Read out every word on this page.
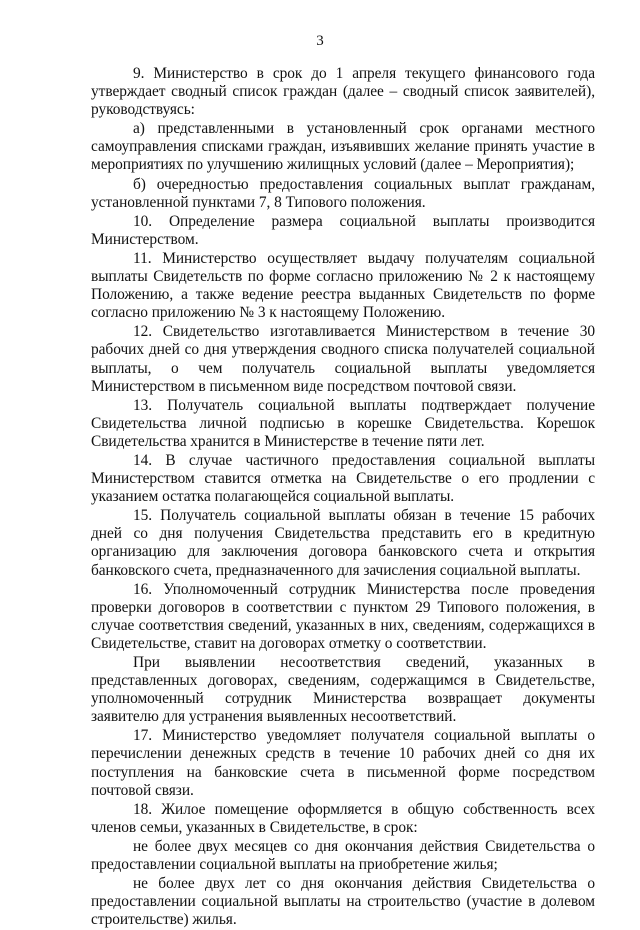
3

9. Министерство в срок до 1 апреля текущего финансового года утверждает сводный список граждан (далее – сводный список заявителей), руководствуясь:

а) представленными в установленный срок органами местного самоуправления списками граждан, изъявивших желание принять участие в мероприятиях по улучшению жилищных условий (далее – Мероприятия);

б) очередностью предоставления социальных выплат гражданам, установленной пунктами 7, 8 Типового положения.

10. Определение размера социальной выплаты производится Министерством.

11. Министерство осуществляет выдачу получателям социальной выплаты Свидетельств по форме согласно приложению № 2 к настоящему Положению, а также ведение реестра выданных Свидетельств по форме согласно приложению № 3 к настоящему Положению.

12. Свидетельство изготавливается Министерством в течение 30 рабочих дней со дня утверждения сводного списка получателей социальной выплаты, о чем получатель социальной выплаты уведомляется Министерством в письменном виде посредством почтовой связи.

13. Получатель социальной выплаты подтверждает получение Свидетельства личной подписью в корешке Свидетельства. Корешок Свидетельства хранится в Министерстве в течение пяти лет.

14. В случае частичного предоставления социальной выплаты Министерством ставится отметка на Свидетельстве о его продлении с указанием остатка полагающейся социальной выплаты.

15. Получатель социальной выплаты обязан в течение 15 рабочих дней со дня получения Свидетельства представить его в кредитную организацию для заключения договора банковского счета и открытия банковского счета, предназначенного для зачисления социальной выплаты.

16. Уполномоченный сотрудник Министерства после проведения проверки договоров в соответствии с пунктом 29 Типового положения, в случае соответствия сведений, указанных в них, сведениям, содержащихся в Свидетельстве, ставит на договорах отметку о соответствии.

При выявлении несоответствия сведений, указанных в представленных договорах, сведениям, содержащимся в Свидетельстве, уполномоченный сотрудник Министерства возвращает документы заявителю для устранения выявленных несоответствий.

17. Министерство уведомляет получателя социальной выплаты о перечислении денежных средств в течение 10 рабочих дней со дня их поступления на банковские счета в письменной форме посредством почтовой связи.

18. Жилое помещение оформляется в общую собственность всех членов семьи, указанных в Свидетельстве, в срок:

не более двух месяцев со дня окончания действия Свидетельства о предоставлении социальной выплаты на приобретение жилья;

не более двух лет со дня окончания действия Свидетельства о предоставлении социальной выплаты на строительство (участие в долевом строительстве) жилья.
